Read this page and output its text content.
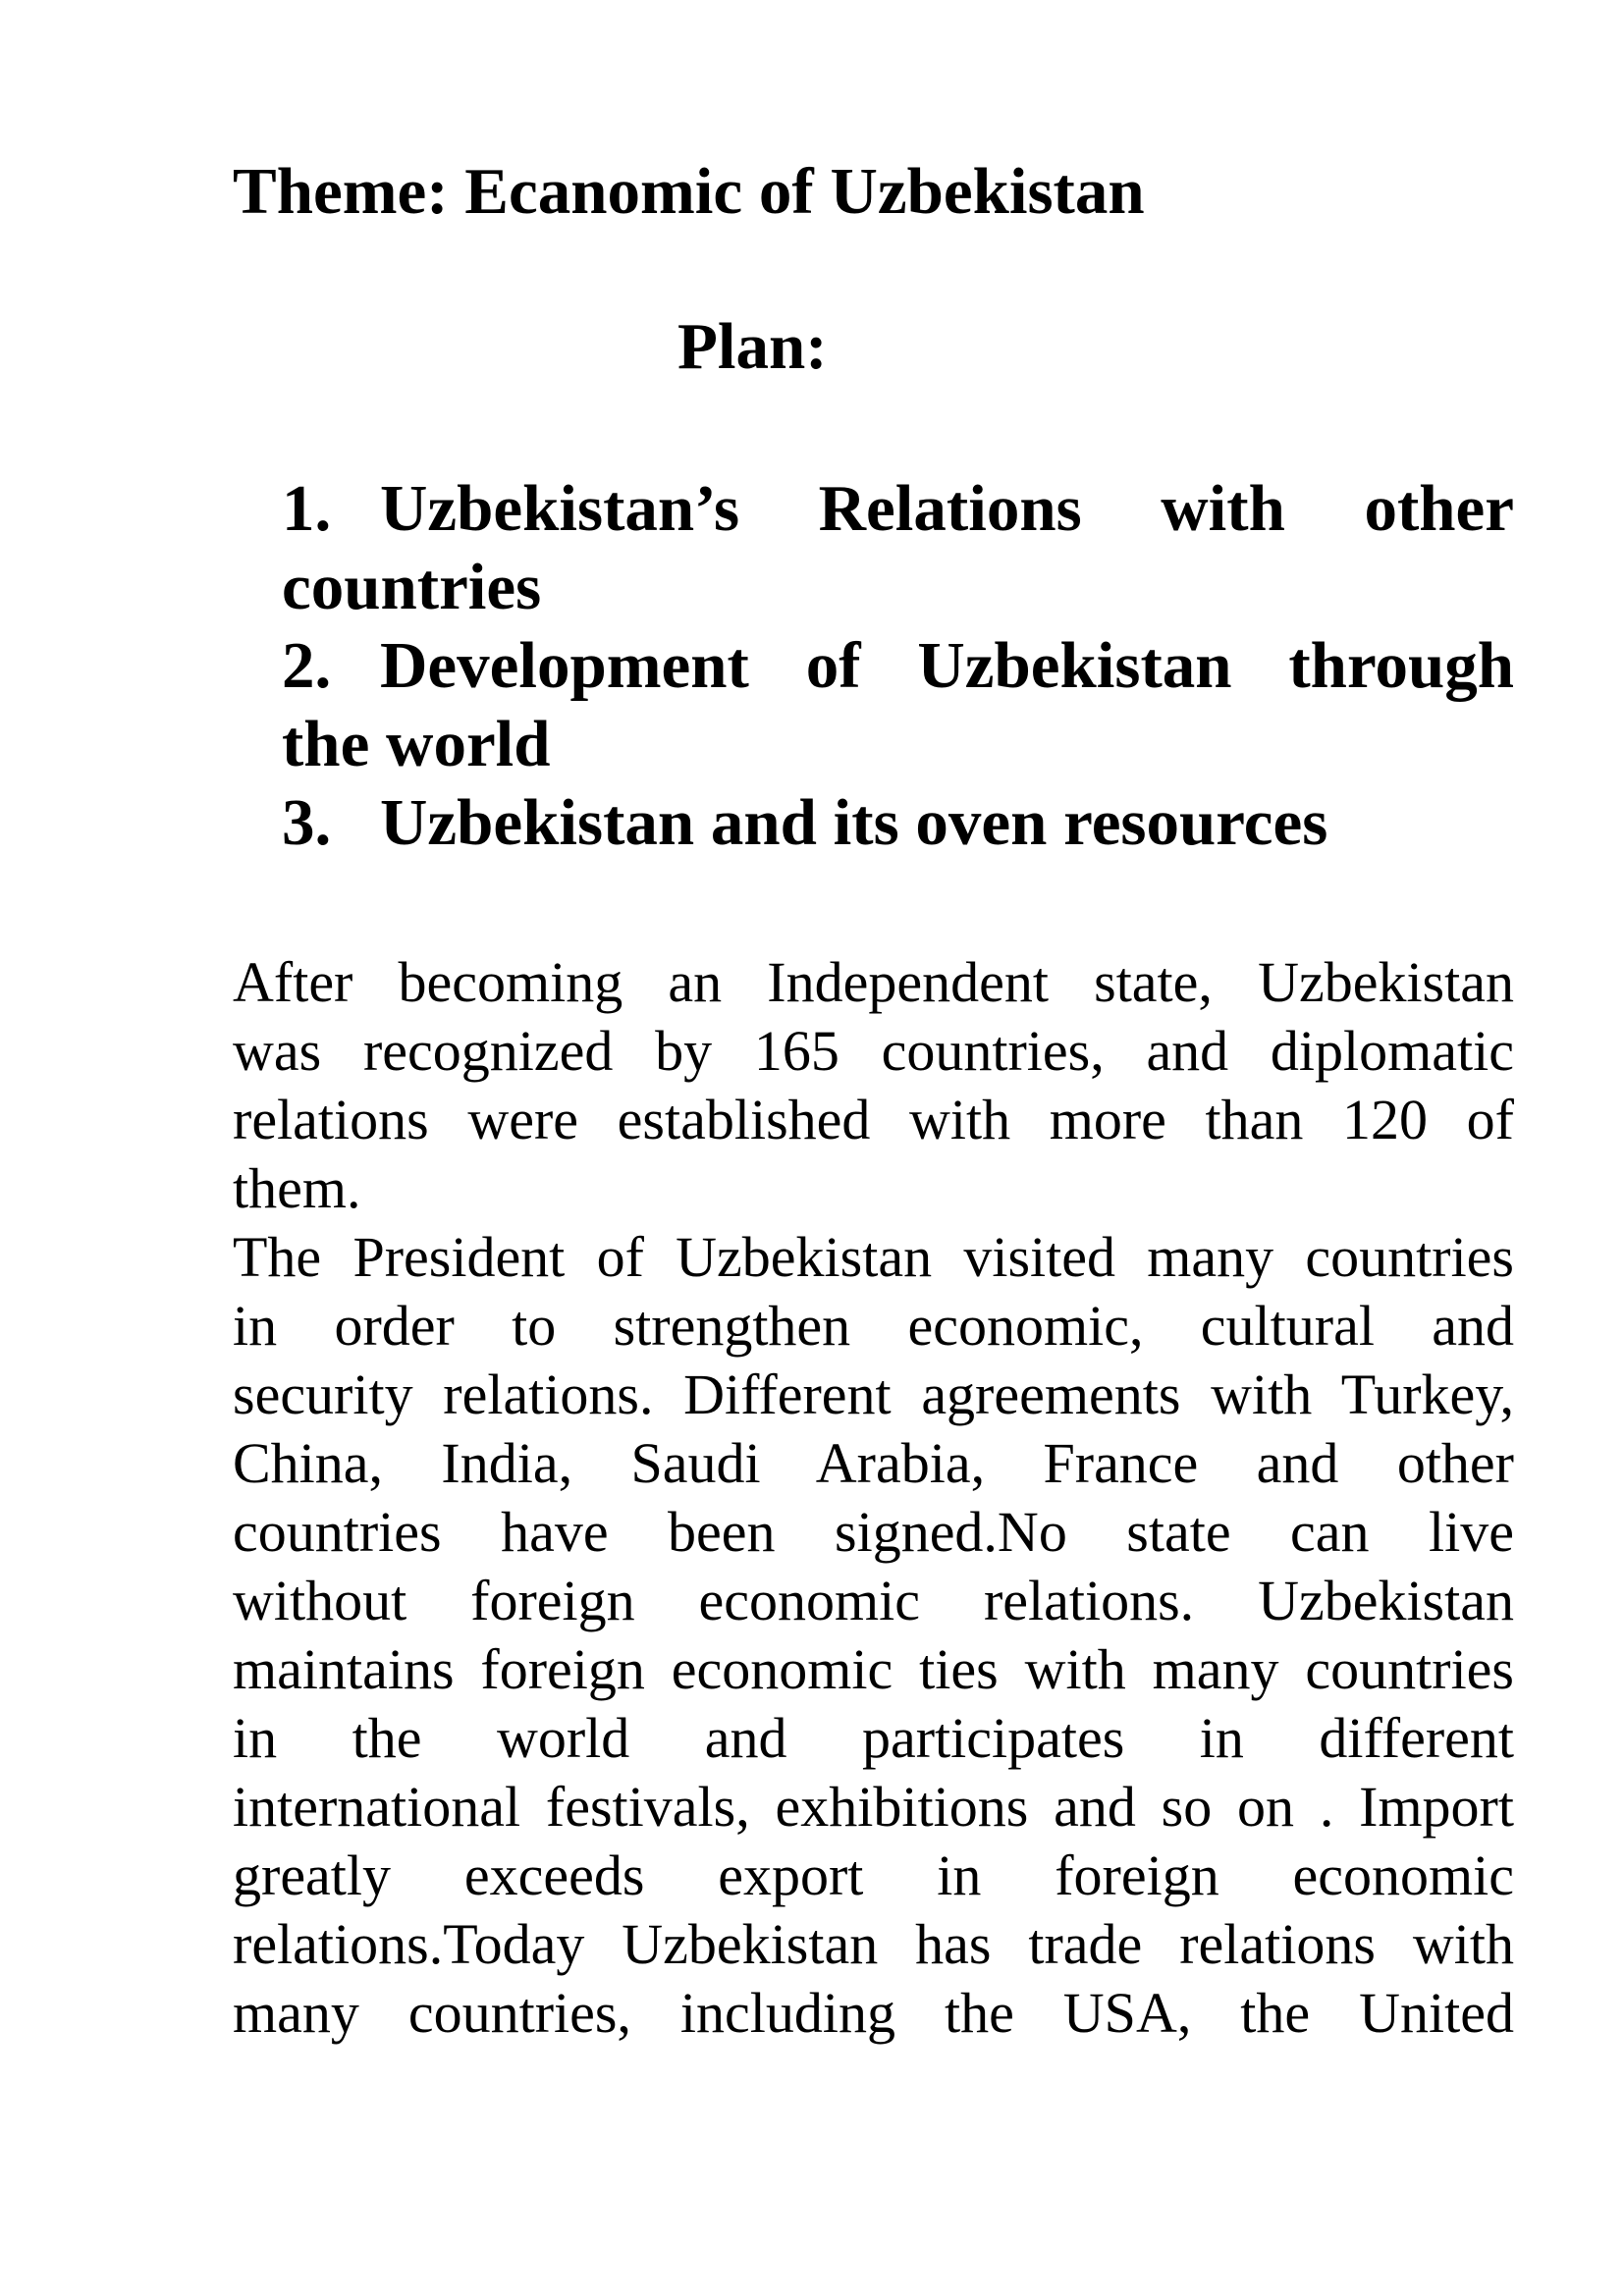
Theme: Ecanomic of Uzbekistan
Plan:
1. Uzbekistan’s Relations with other
countries
2. Development of Uzbekistan through
the world
3. Uzbekistan and its oven resources

After becoming an Independent state, Uzbekistan
was recognized by 165 countries, and diplomatic
relations were established with more than 120 of
them.

The President of Uzbekistan visited many countries
in order to strengthen economic, cultural and
security relations. Different agreements with Turkey,
China, India, Saudi Arabia, France and other
countries have been signed.No state can live
without foreign economic relations. Uzbekistan
maintains foreign economic ties with many countries
in the world and participates in different
international festivals, exhibitions and so on . Import
greatly exceeds export in foreign economic
relations.Today Uzbekistan has trade relations with
many countries, including the USA, the United
